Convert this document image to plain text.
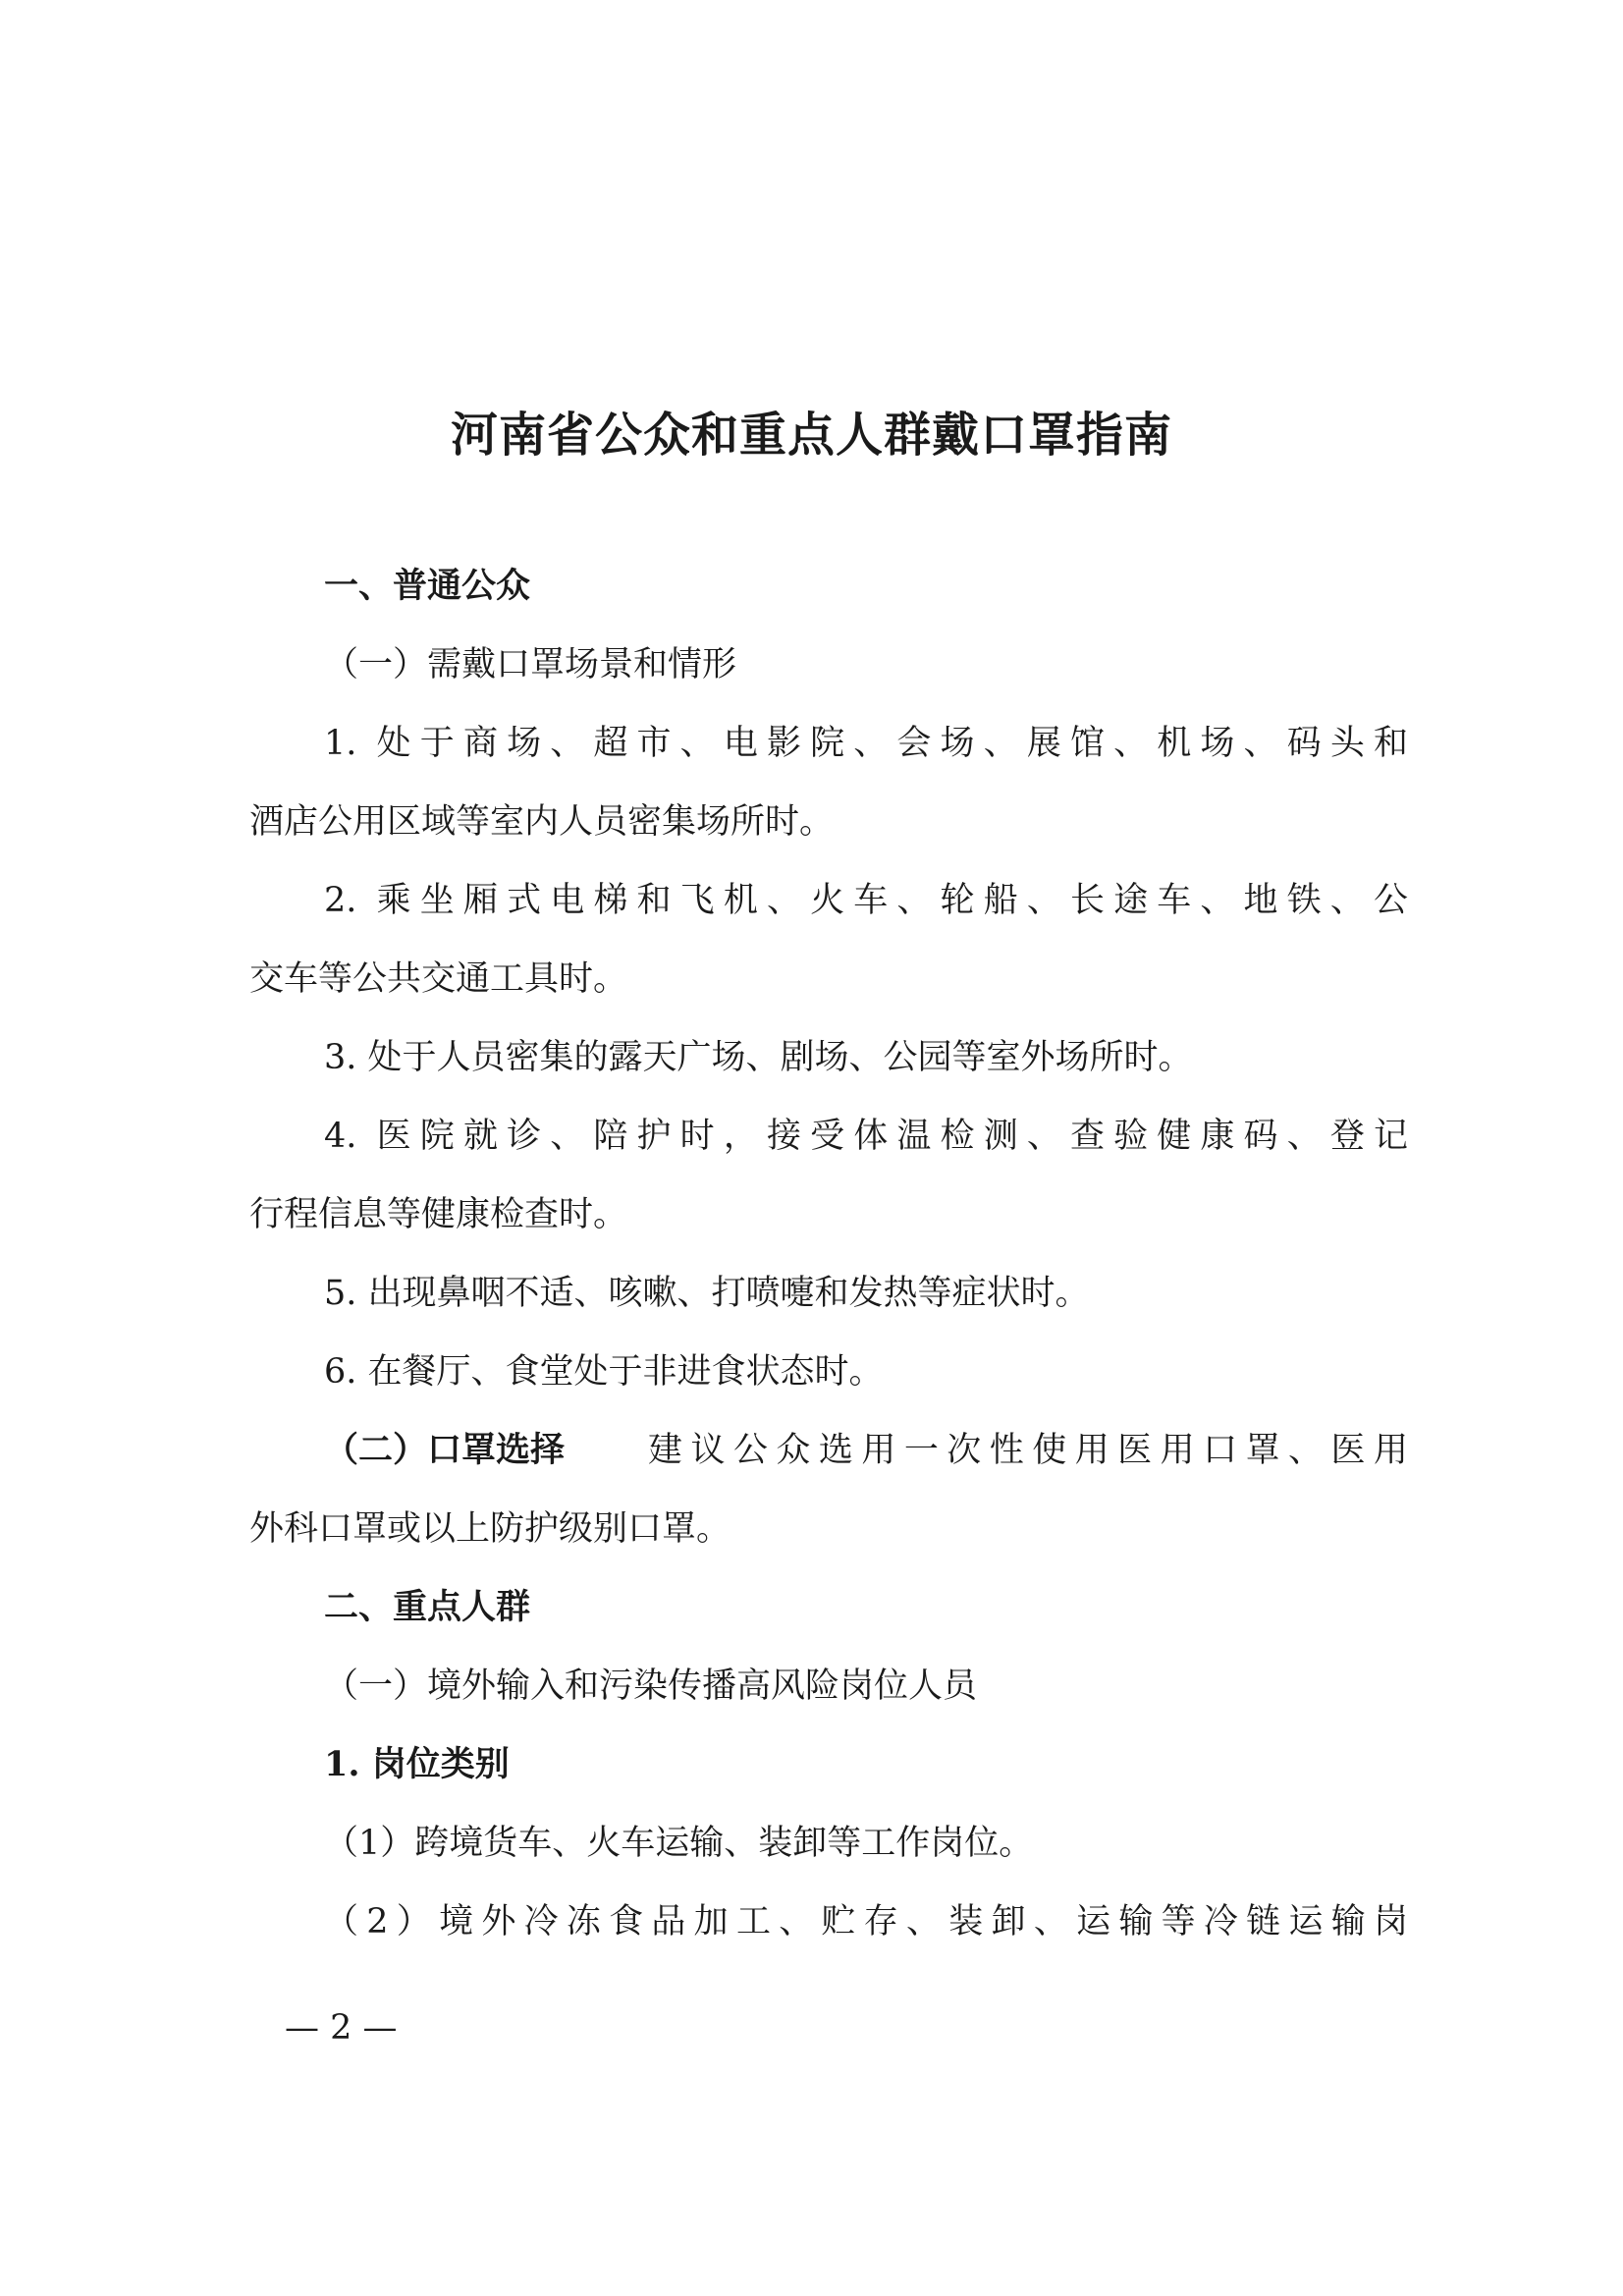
河南省公众和重点人群戴口罩指南
一、普通公众
（一）需戴口罩场景和情形
1. 处于商场、超市、电影院、会场、展馆、机场、码头和
酒店公用区域等室内人员密集场所时。
2. 乘坐厢式电梯和飞机、火车、轮船、长途车、地铁、公
交车等公共交通工具时。
3. 处于人员密集的露天广场、剧场、公园等室外场所时。
4. 医院就诊、陪护时，接受体温检测、查验健康码、登记
行程信息等健康检查时。
5. 出现鼻咽不适、咳嗽、打喷嚏和发热等症状时。
6. 在餐厅、食堂处于非进食状态时。
（二）口罩选择 建议公众选用一次性使用医用口罩、医用
外科口罩或以上防护级别口罩。
二、重点人群
（一）境外输入和污染传播高风险岗位人员
1. 岗位类别
（1）跨境货车、火车运输、装卸等工作岗位。
（2）境外冷冻食品加工、贮存、装卸、运输等冷链运输岗
— 2 —
